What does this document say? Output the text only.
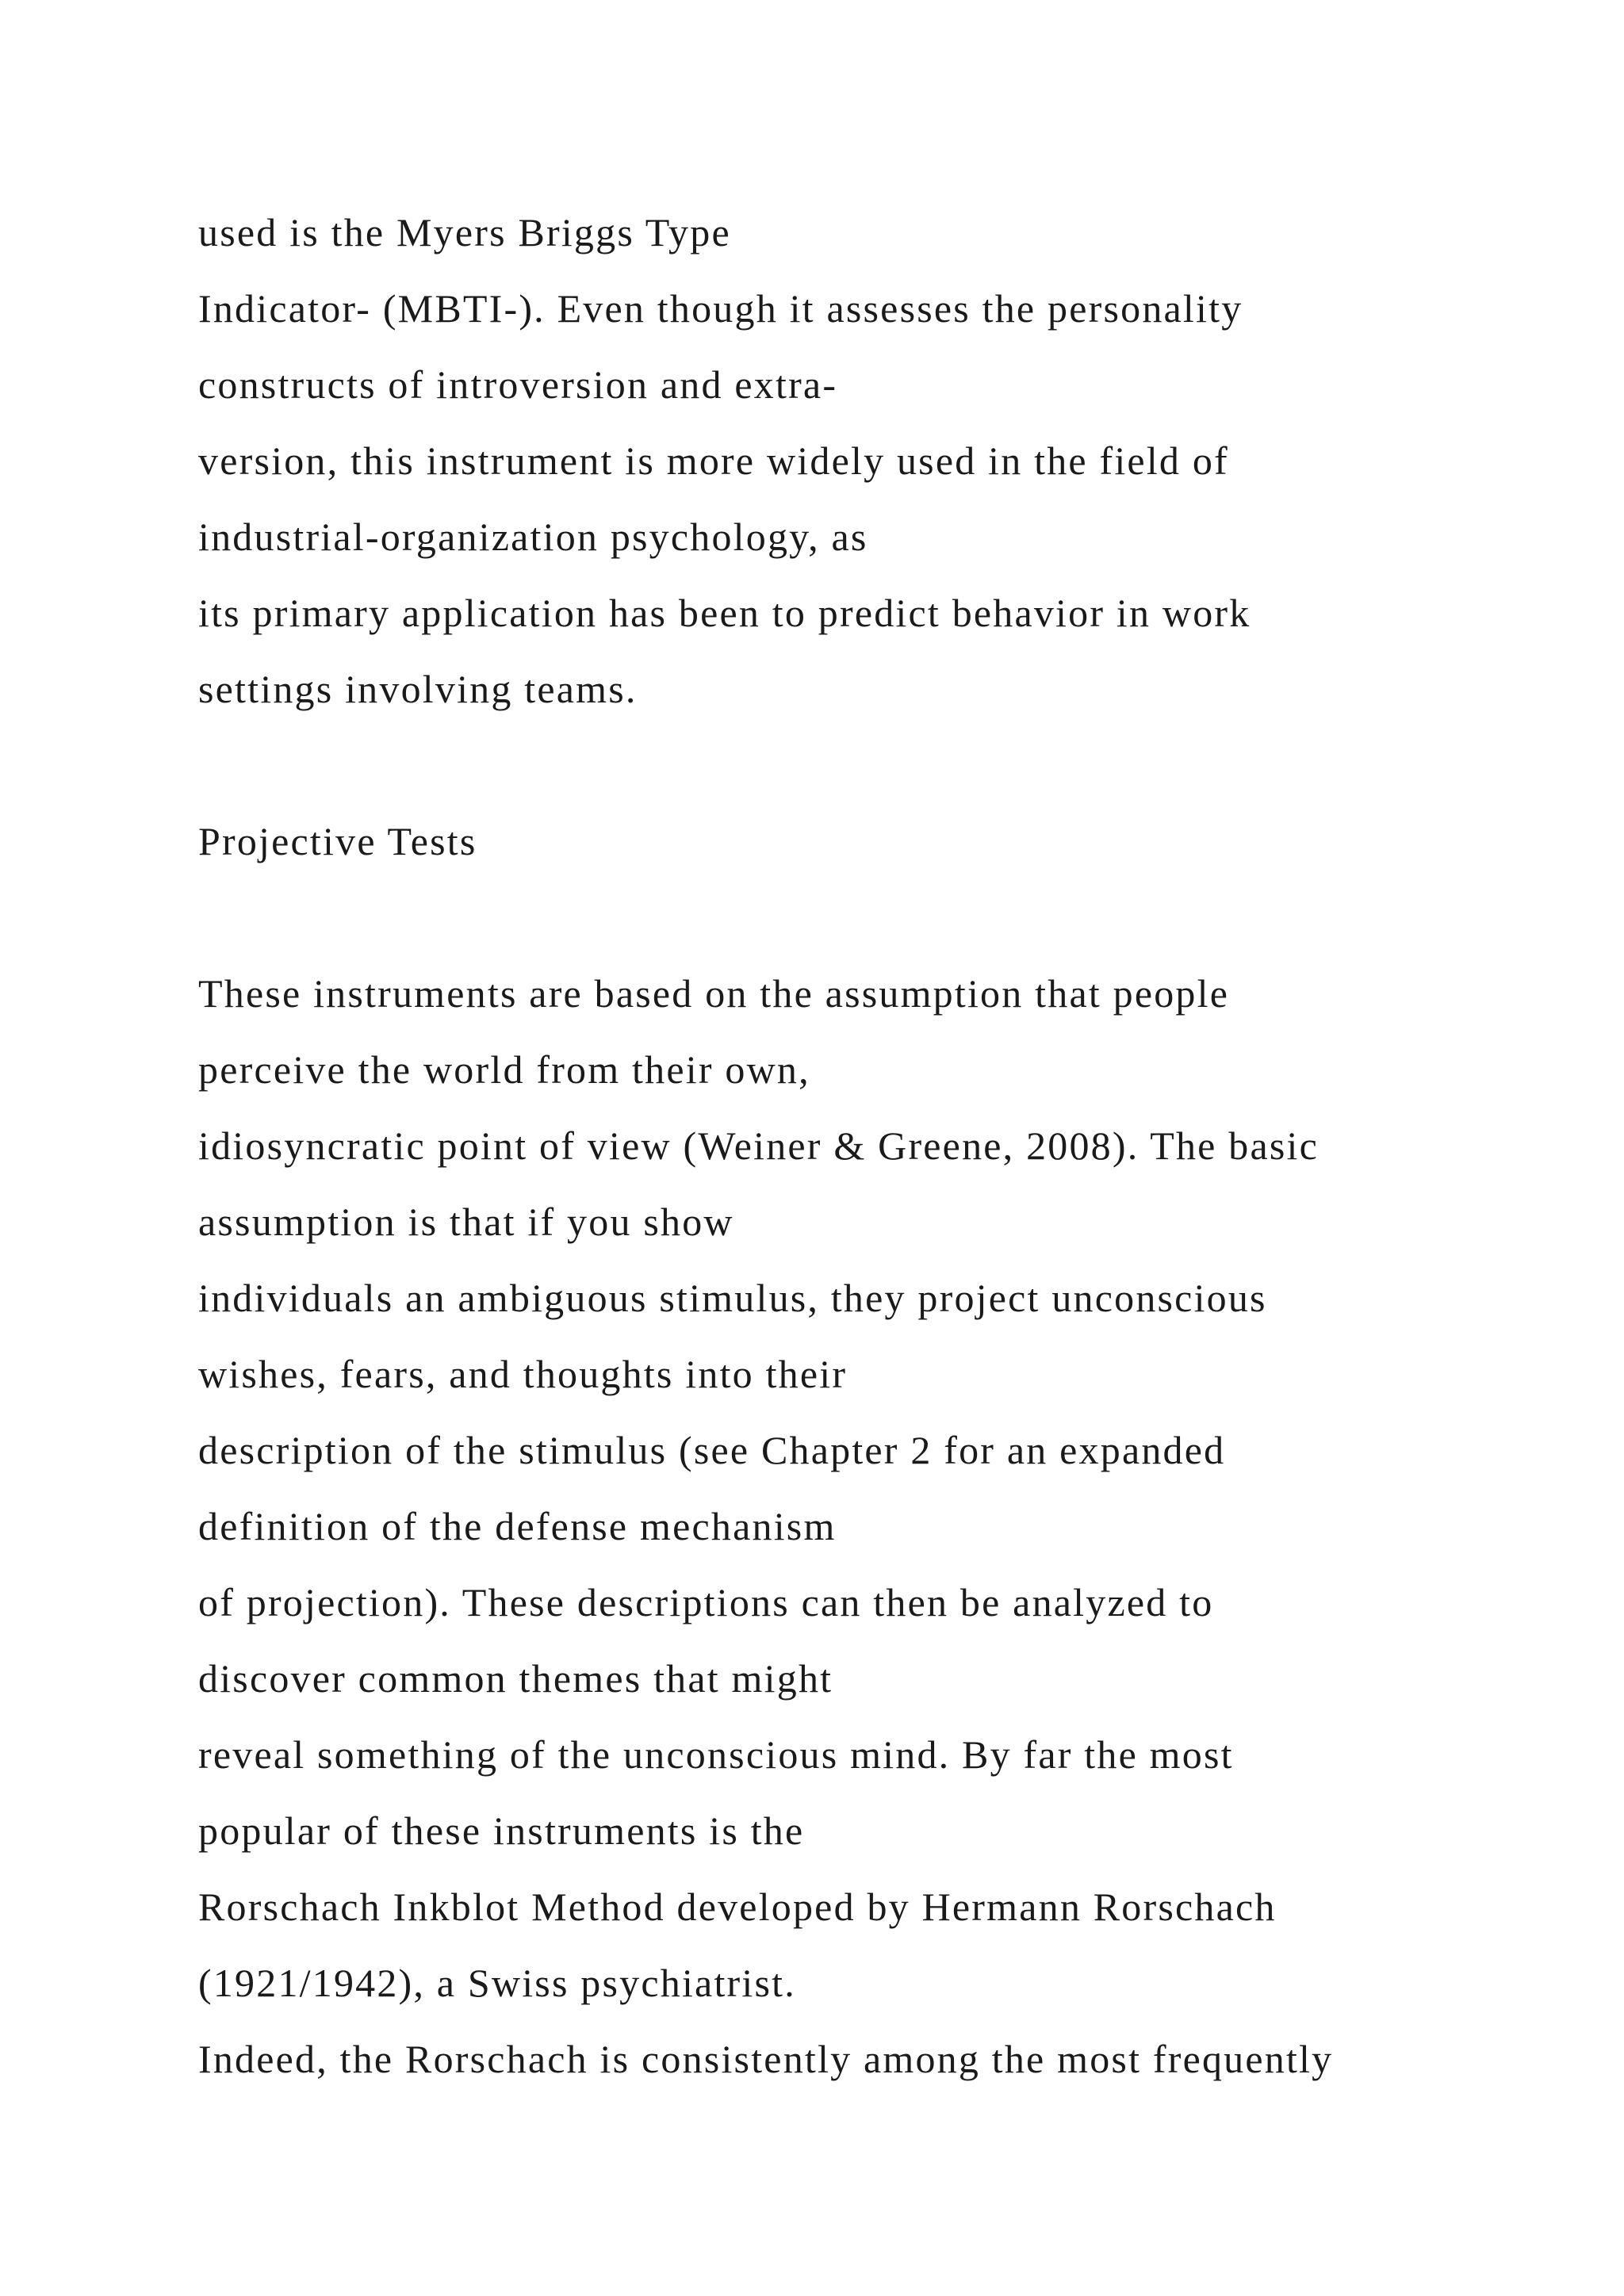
used is the Myers Briggs Type
Indicator- (MBTI-). Even though it assesses the personality
constructs of introversion and extra-
version, this instrument is more widely used in the field of
industrial-organization psychology, as
its primary application has been to predict behavior in work
settings involving teams.
Projective Tests
These instruments are based on the assumption that people
perceive the world from their own,
idiosyncratic point of view (Weiner & Greene, 2008). The basic
assumption is that if you show
individuals an ambiguous stimulus, they project unconscious
wishes, fears, and thoughts into their
description of the stimulus (see Chapter 2 for an expanded
definition of the defense mechanism
of projection). These descriptions can then be analyzed to
discover common themes that might
reveal something of the unconscious mind. By far the most
popular of these instruments is the
Rorschach Inkblot Method developed by Hermann Rorschach
(1921/1942), a Swiss psychiatrist.
Indeed, the Rorschach is consistently among the most frequently
